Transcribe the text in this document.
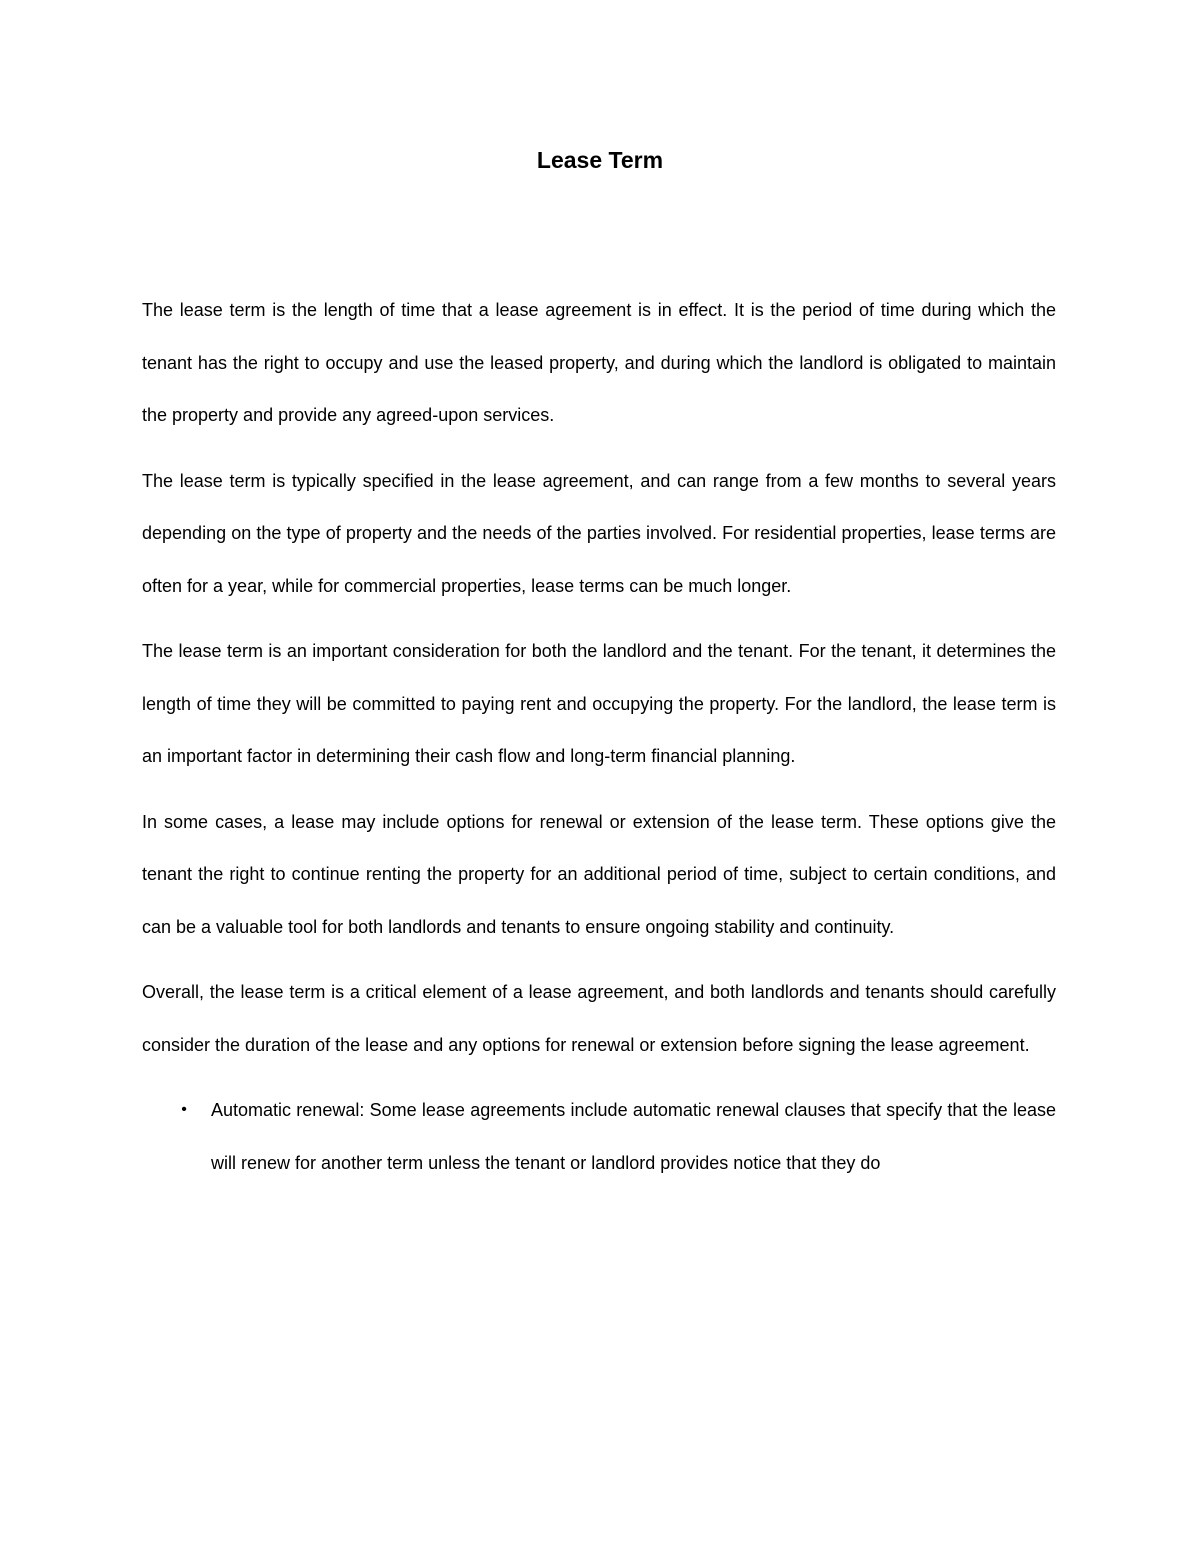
Lease Term

The lease term is the length of time that a lease agreement is in effect. It is the period of time during which the tenant has the right to occupy and use the leased property, and during which the landlord is obligated to maintain the property and provide any agreed-upon services.

The lease term is typically specified in the lease agreement, and can range from a few months to several years depending on the type of property and the needs of the parties involved. For residential properties, lease terms are often for a year, while for commercial properties, lease terms can be much longer.

The lease term is an important consideration for both the landlord and the tenant. For the tenant, it determines the length of time they will be committed to paying rent and occupying the property. For the landlord, the lease term is an important factor in determining their cash flow and long-term financial planning.

In some cases, a lease may include options for renewal or extension of the lease term. These options give the tenant the right to continue renting the property for an additional period of time, subject to certain conditions, and can be a valuable tool for both landlords and tenants to ensure ongoing stability and continuity.

Overall, the lease term is a critical element of a lease agreement, and both landlords and tenants should carefully consider the duration of the lease and any options for renewal or extension before signing the lease agreement.

•	Automatic renewal: Some lease agreements include automatic renewal clauses that specify that the lease will renew for another term unless the tenant or landlord provides notice that they do
